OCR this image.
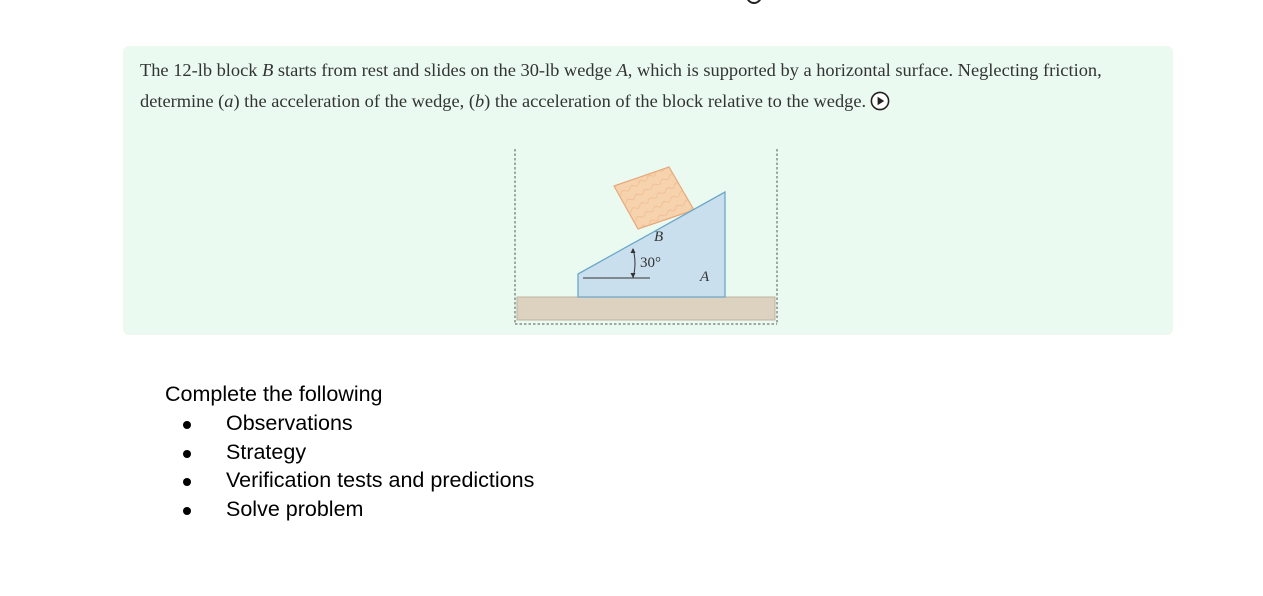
The 12-lb block B starts from rest and slides on the 30-lb wedge A, which is supported by a horizontal surface. Neglecting friction, determine (a) the acceleration of the wedge, (b) the acceleration of the block relative to the wedge.

30°
B
A

Complete the following

Observations
Strategy
Verification tests and predictions
Solve problem
